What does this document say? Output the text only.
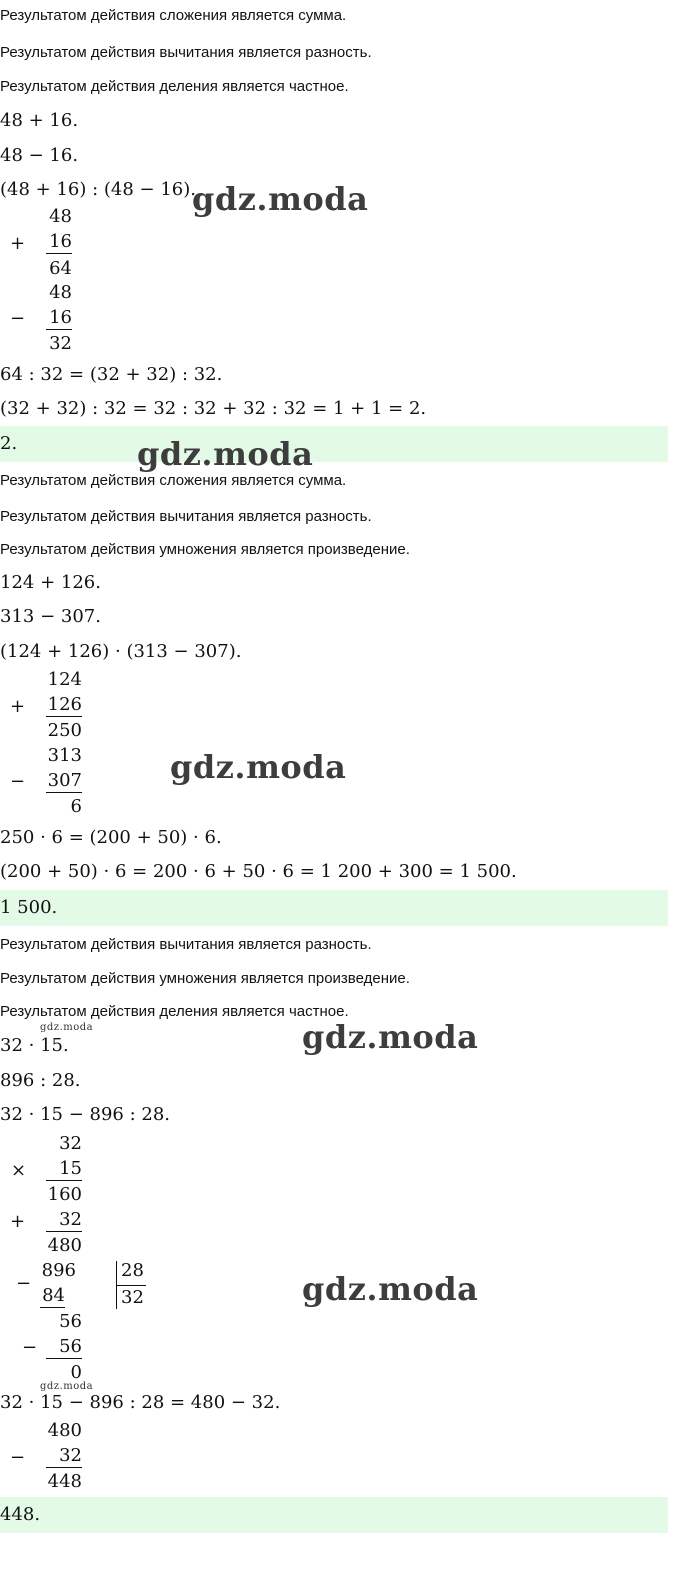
Результатом действия сложения является сумма.
Результатом действия вычитания является разность.
Результатом действия деления является частное.
48 + 16.
48 − 16.
(48 + 16) : (48 − 16).
+
48
16
64
−
48
16
32
64 : 32 = (32 + 32) : 32.
(32 + 32) : 32 = 32 : 32 + 32 : 32 = 1 + 1 = 2.
2.
Результатом действия сложения является сумма.
Результатом действия вычитания является разность.
Результатом действия умножения является произведение.
124 + 126.
313 − 307.
(124 + 126) · (313 − 307).
+
124
126
250
−
313
307
6
250 · 6 = (200 + 50) · 6.
(200 + 50) · 6 = 200 · 6 + 50 · 6 = 1 200 + 300 = 1 500.
1 500.
Результатом действия вычитания является разность.
Результатом действия умножения является произведение.
Результатом действия деления является частное.
32 · 15.
896 : 28.
32 · 15 − 896 : 28.
×
32
15
160
+	32
480
−
896
84
28
32
56
−	56
0
32 · 15 − 896 : 28 = 480 − 32.
−
480
32
448
448.
gdz.moda
gdz.moda
gdz.moda
gdz.moda
gdz.moda
gdz.moda
gdz.moda
